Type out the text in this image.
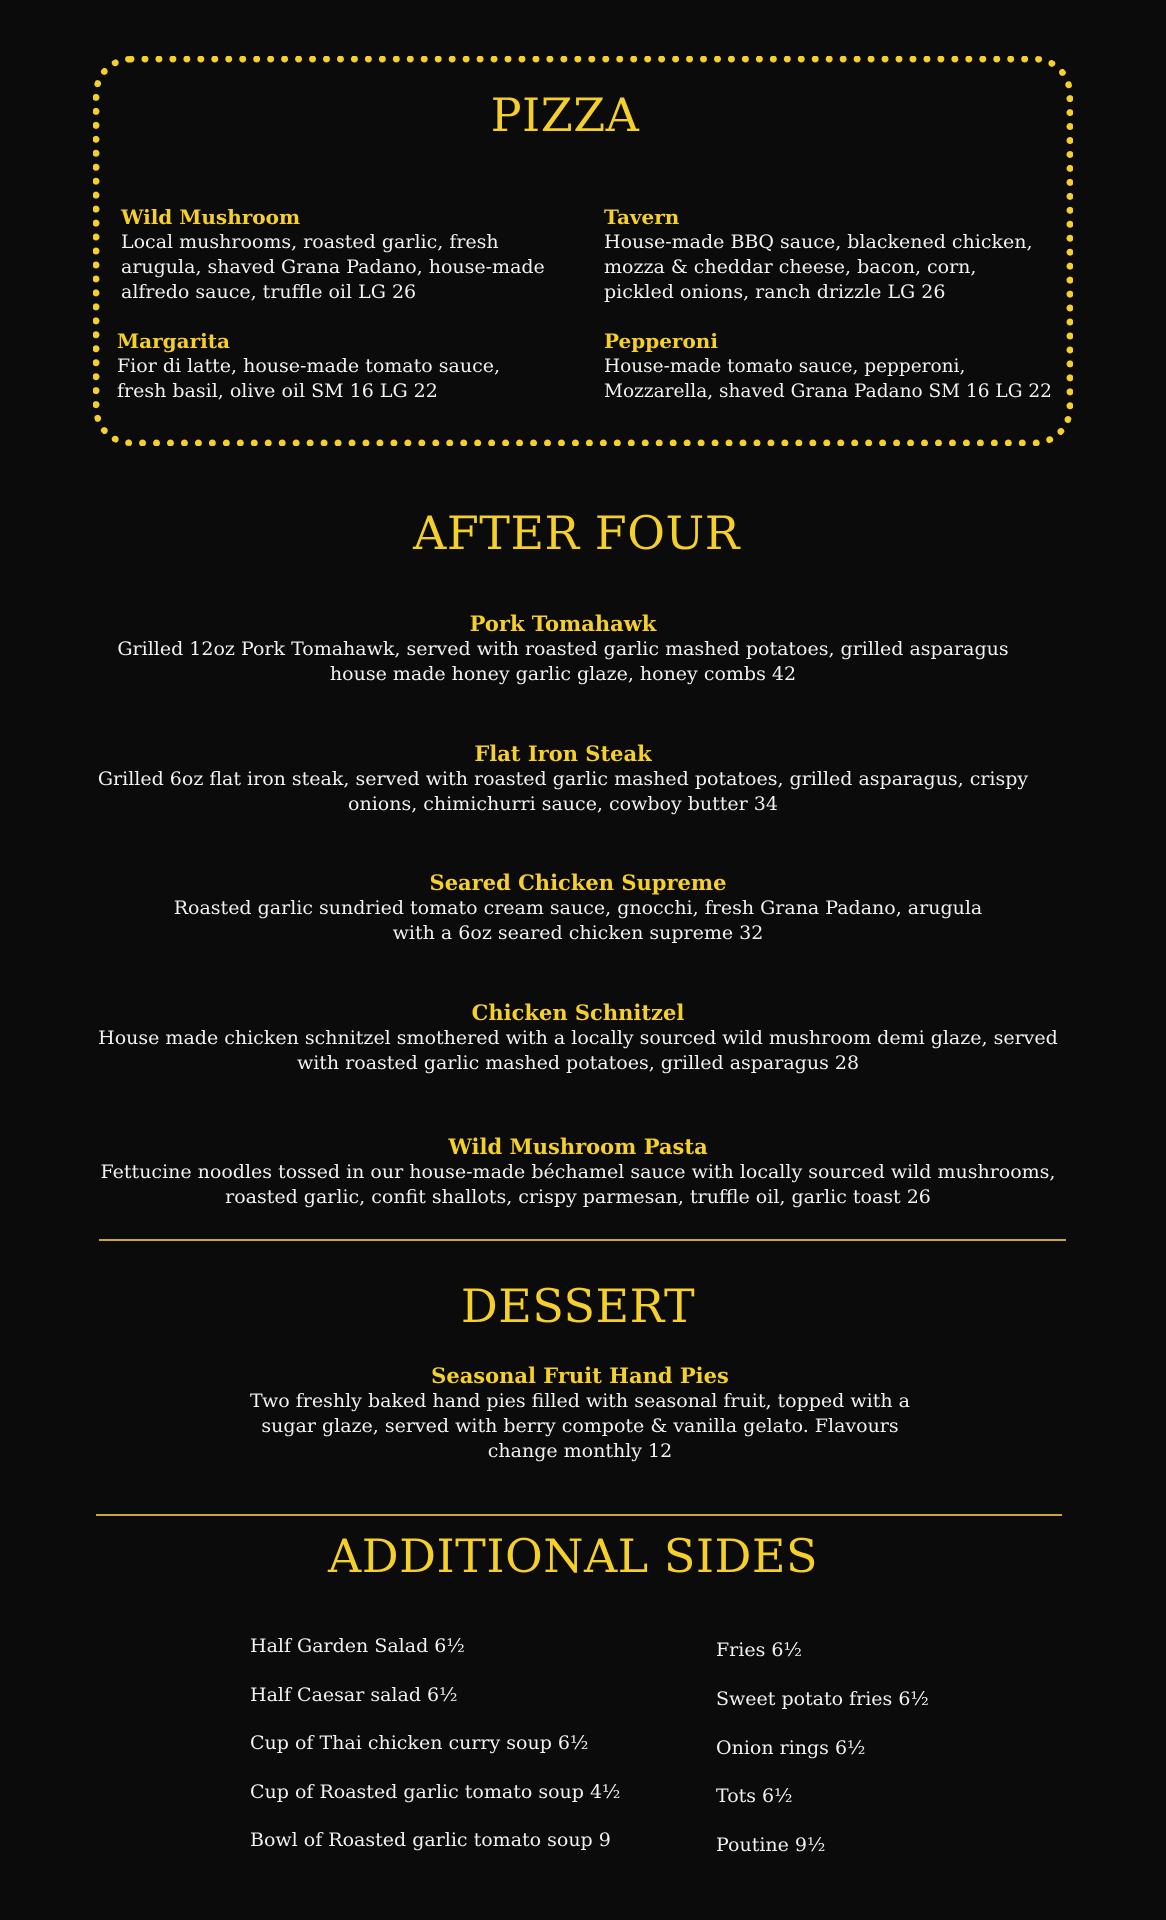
PIZZA
Wild Mushroom
Local mushrooms, roasted garlic, fresh
arugula, shaved Grana Padano, house-made
alfredo sauce, truffle oil LG 26
Tavern
House-made BBQ sauce, blackened chicken,
mozza & cheddar cheese, bacon, corn,
pickled onions, ranch drizzle LG 26
Margarita
Fior di latte, house-made tomato sauce,
fresh basil, olive oil SM 16 LG 22
Pepperoni
House-made tomato sauce, pepperoni,
Mozzarella, shaved Grana Padano SM 16 LG 22
AFTER FOUR
Pork Tomahawk
Grilled 12oz Pork Tomahawk, served with roasted garlic mashed potatoes, grilled asparagus
house made honey garlic glaze, honey combs 42
Flat Iron Steak
Grilled 6oz flat iron steak, served with roasted garlic mashed potatoes, grilled asparagus, crispy
onions, chimichurri sauce, cowboy butter 34
Seared Chicken Supreme
Roasted garlic sundried tomato cream sauce, gnocchi, fresh Grana Padano, arugula
with a 6oz seared chicken supreme 32
Chicken Schnitzel
House made chicken schnitzel smothered with a locally sourced wild mushroom demi glaze, served
with roasted garlic mashed potatoes, grilled asparagus 28
Wild Mushroom Pasta
Fettucine noodles tossed in our house-made béchamel sauce with locally sourced wild mushrooms,
roasted garlic, confit shallots, crispy parmesan, truffle oil, garlic toast 26
DESSERT
Seasonal Fruit Hand Pies
Two freshly baked hand pies filled with seasonal fruit, topped with a
sugar glaze, served with berry compote & vanilla gelato. Flavours
change monthly 12
ADDITIONAL SIDES
Half Garden Salad 6½
Half Caesar salad 6½
Cup of Thai chicken curry soup 6½
Cup of Roasted garlic tomato soup 4½
Bowl of Roasted garlic tomato soup 9
Fries 6½
Sweet potato fries 6½
Onion rings 6½
Tots 6½
Poutine 9½
